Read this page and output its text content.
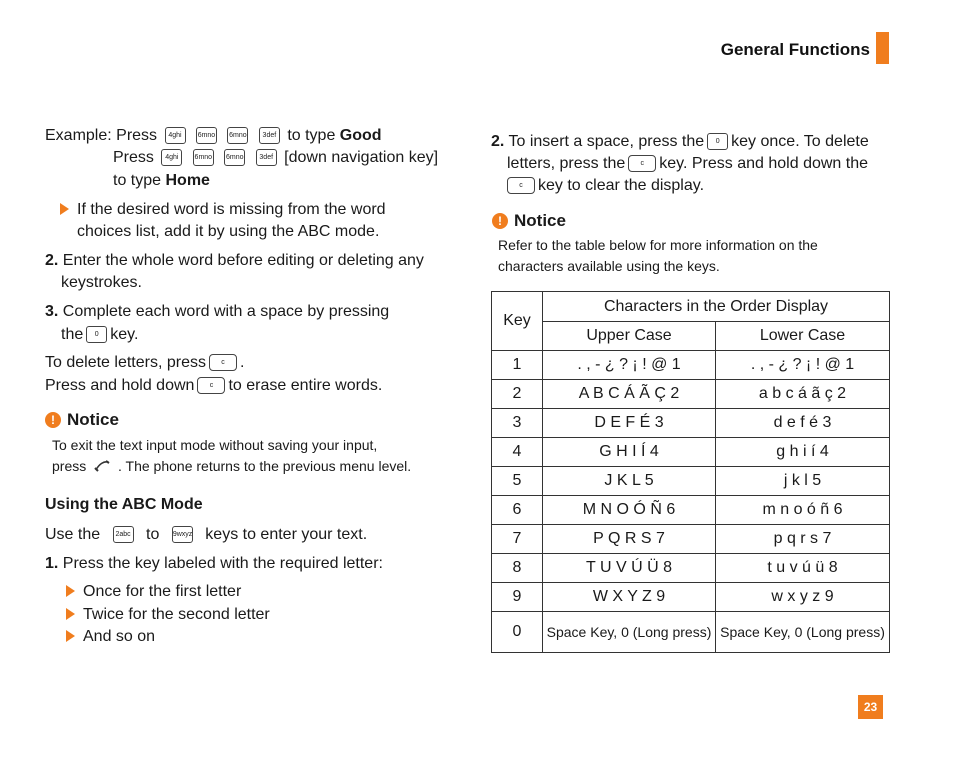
General Functions
23
Example: Press 4ghi 6mno 6mno 3def to type Good
Press 4ghi 6mno 6mno 3def [down navigation key]
to type Home
If the desired word is missing from the word
choices list, add it by using the ABC mode.
2. Enter the whole word before editing or deleting any
keystrokes.
3. Complete each word with a space by pressing
the 0 key.
To delete letters, press c .
Press and hold down c to erase entire words.
! Notice
To exit the text input mode without saving your input,
press . The phone returns to the previous menu level.
Using the ABC Mode
Use the 2abc to 9wxyz keys to enter your text.
1. Press the key labeled with the required letter:
Once for the first letter
Twice for the second letter
And so on
2. To insert a space, press the 0 key once. To delete
letters, press the c key. Press and hold down the
c key to clear the display.
! Notice
Refer to the table below for more information on the
characters available using the keys.
Key	Characters in the Order Display	
	Upper Case	Lower Case
1	. , - ¿ ? ¡ ! @ 1	. , - ¿ ? ¡ ! @ 1
2	A B C Á Ã Ç 2	a b c á ã ç 2
3	D E F É 3	d e f é 3
4	G H I Í 4	g h i í 4
5	J K L 5	j k l 5
6	M N O Ó Ñ 6	m n o ó ñ 6
7	P Q R S 7	p q r s 7
8	T U V Ú Ü 8	t u v ú ü 8
9	W X Y Z 9	w x y z 9
0	Space Key, 0 (Long press)	Space Key, 0 (Long press)
